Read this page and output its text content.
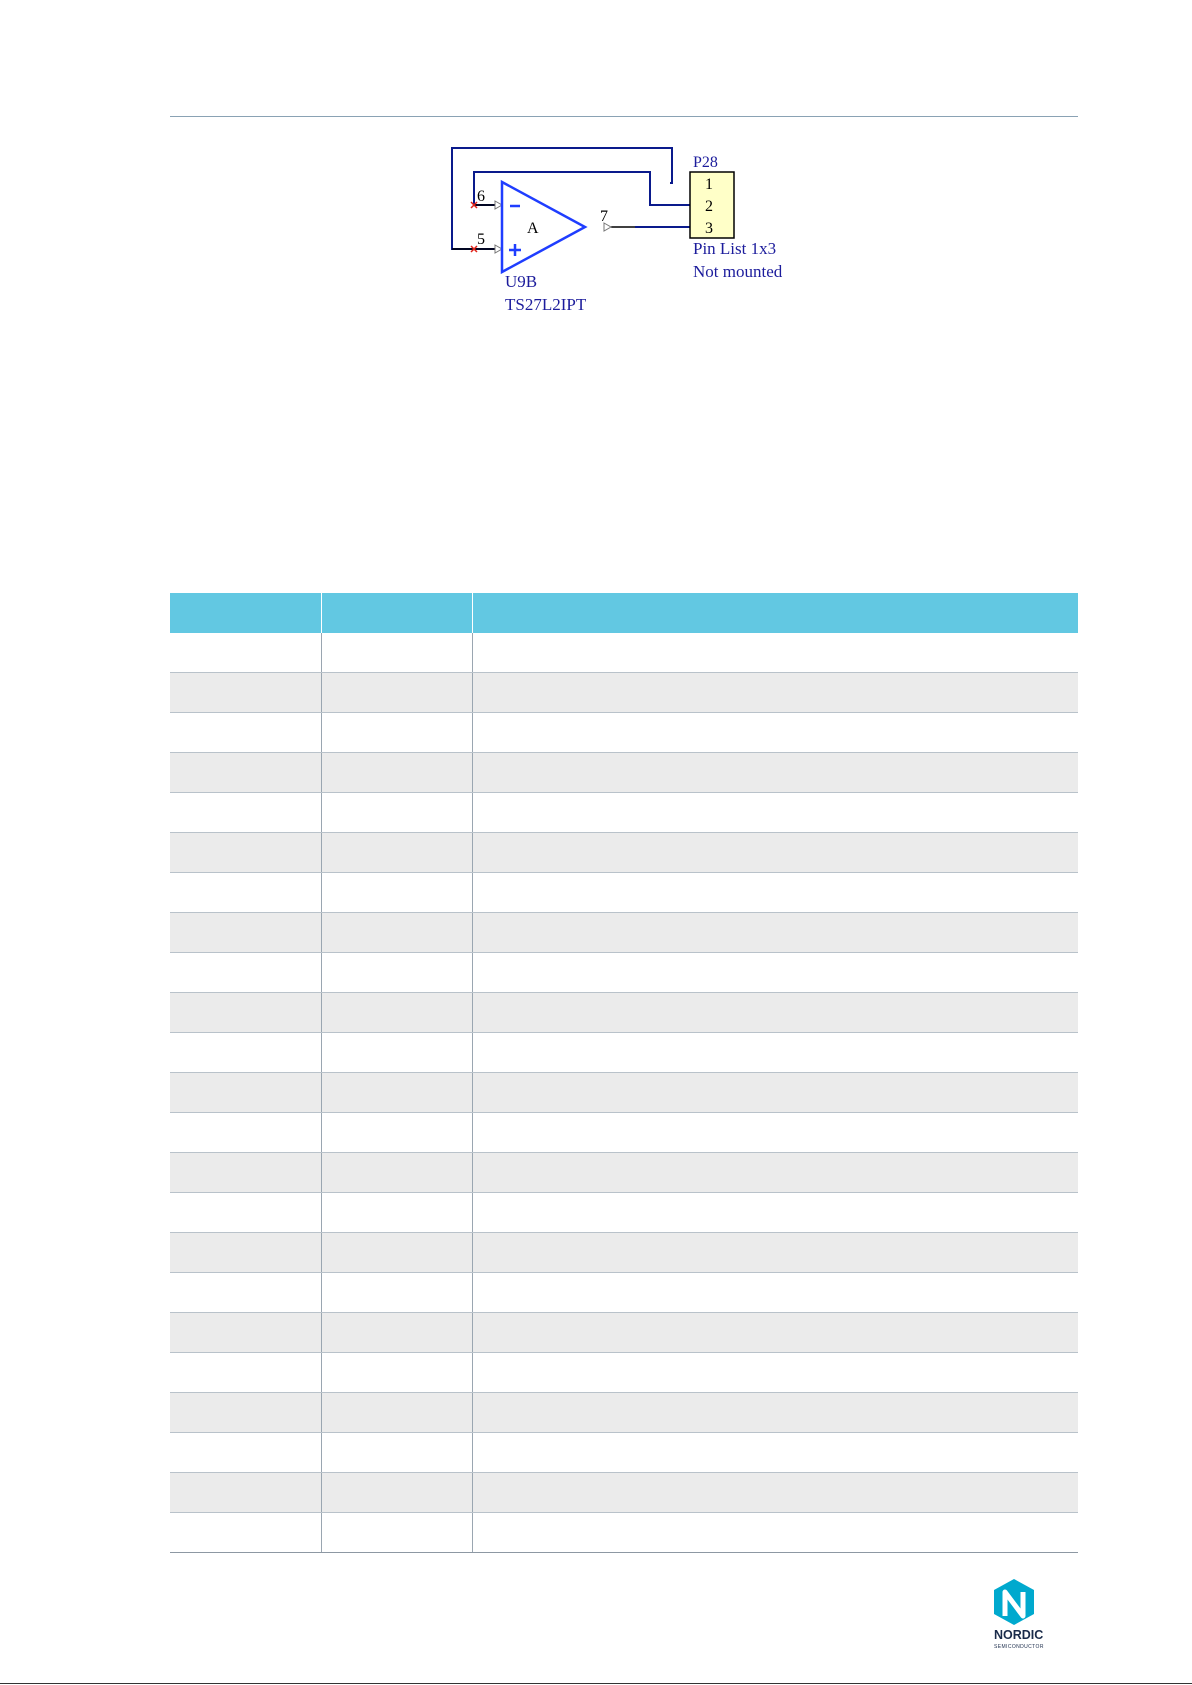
A
6
5
7
1
2
3
P28
Pin List 1x3
Not mounted
U9B
TS27L2IPT

NORDIC
SEMICONDUCTOR
